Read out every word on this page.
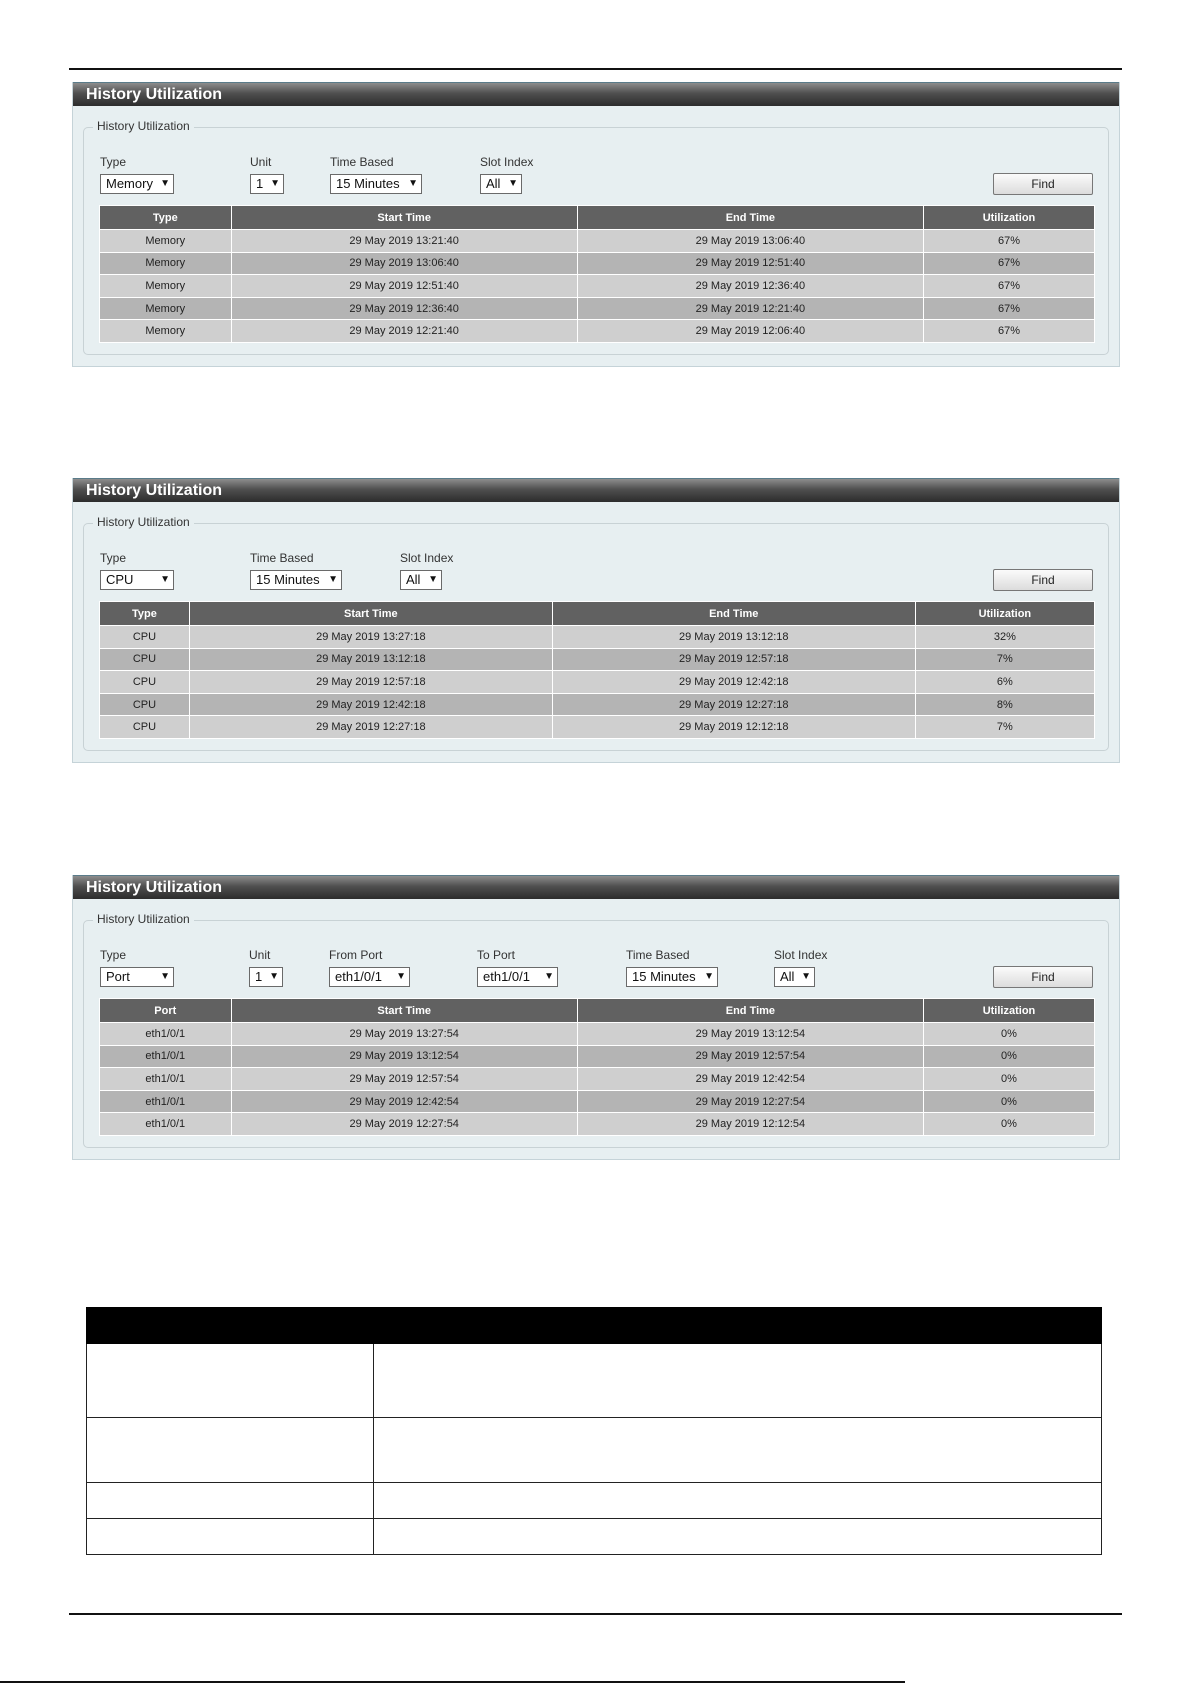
History Utilization
History Utilization
Type
Memory ▼
Unit
1 ▼
Time Based
15 Minutes ▼
Slot Index
All ▼	Find
Type	Start Time	End Time	Utilization
Memory	29 May 2019 13:21:40	29 May 2019 13:06:40	67%
Memory	29 May 2019 13:06:40	29 May 2019 12:51:40	67%
Memory	29 May 2019 12:51:40	29 May 2019 12:36:40	67%
Memory	29 May 2019 12:36:40	29 May 2019 12:21:40	67%
Memory	29 May 2019 12:21:40	29 May 2019 12:06:40	67%
History Utilization
History Utilization
Type
CPU	▼
Time Based
15 Minutes ▼
Slot Index
All ▼	Find
Type	Start Time	End Time	Utilization
CPU	29 May 2019 13:27:18	29 May 2019 13:12:18	32%
CPU	29 May 2019 13:12:18	29 May 2019 12:57:18	7%
CPU	29 May 2019 12:57:18	29 May 2019 12:42:18	6%
CPU	29 May 2019 12:42:18	29 May 2019 12:27:18	8%
CPU	29 May 2019 12:27:18	29 May 2019 12:12:18	7%
History Utilization
History Utilization
Type
Port	▼
Unit
1 ▼
From Port
eth1/0/1 ▼
To Port
eth1/0/1 ▼
Time Based
15 Minutes ▼
Slot Index
All ▼	Find
Port	Start Time	End Time	Utilization
eth1/0/1	29 May 2019 13:27:54	29 May 2019 13:12:54	0%
eth1/0/1	29 May 2019 13:12:54	29 May 2019 12:57:54	0%
eth1/0/1	29 May 2019 12:57:54	29 May 2019 12:42:54	0%
eth1/0/1	29 May 2019 12:42:54	29 May 2019 12:27:54	0%
eth1/0/1	29 May 2019 12:27:54	29 May 2019 12:12:54	0%
